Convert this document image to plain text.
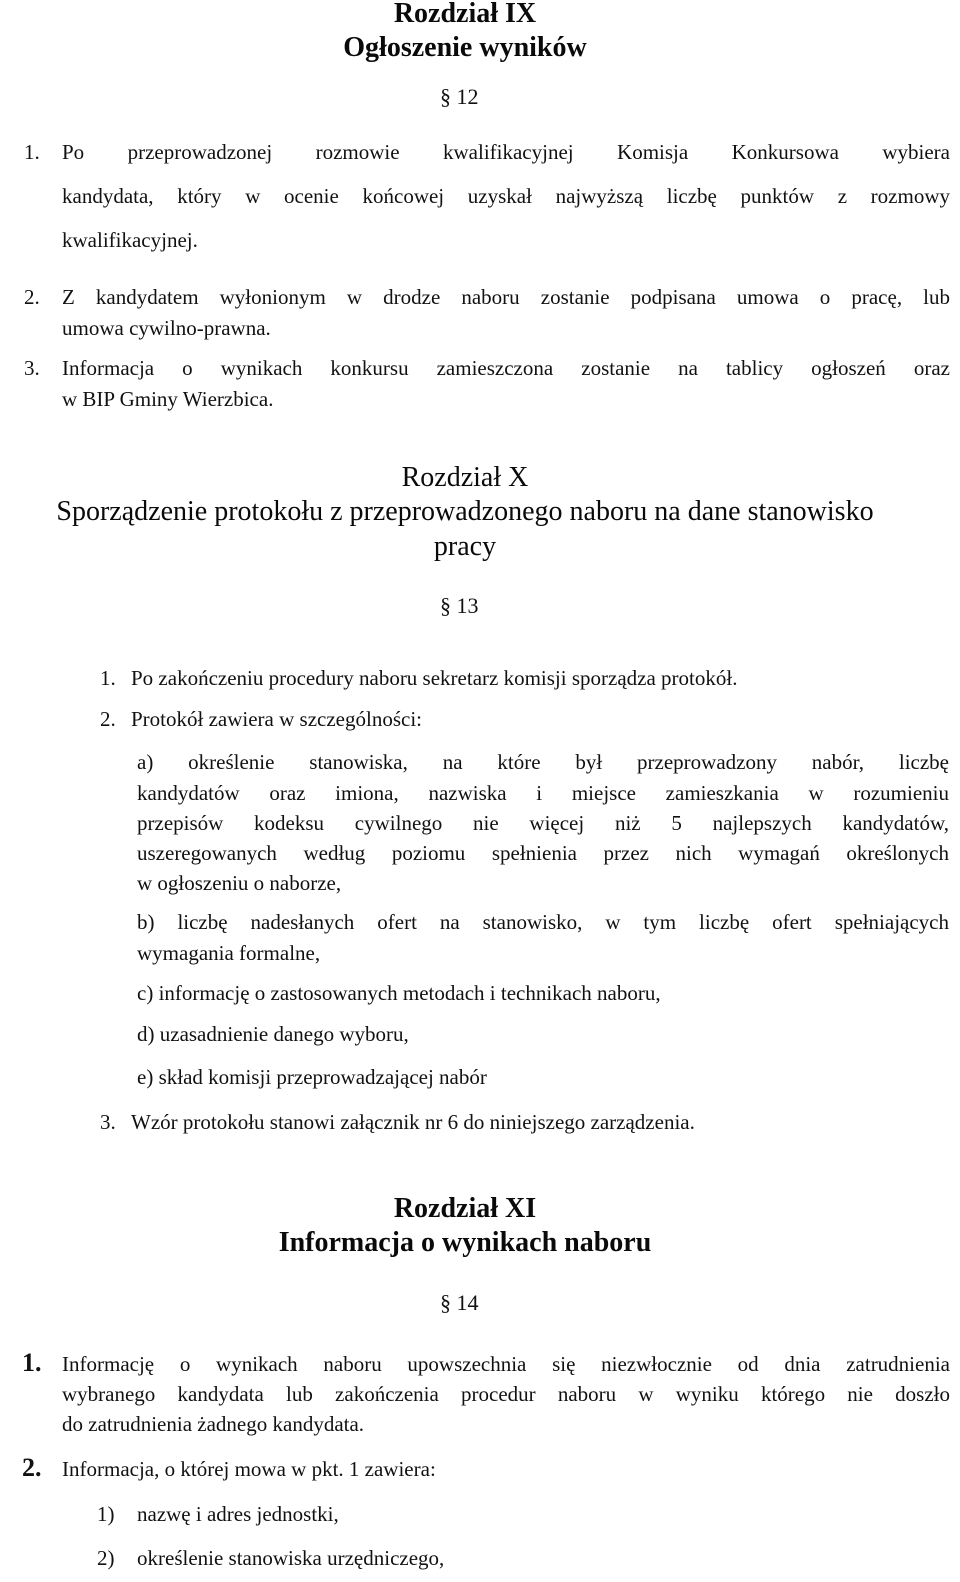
Rozdział IX
Ogłoszenie wyników
§ 12
1. Po przeprowadzonej rozmowie kwalifikacyjnej Komisja Konkursowa wybiera
kandydata, który w ocenie końcowej uzyskał najwyższą liczbę punktów z rozmowy
kwalifikacyjnej.
2. Z kandydatem wyłonionym w drodze naboru zostanie podpisana umowa o pracę, lub
umowa cywilno-prawna.
3. Informacja o wynikach konkursu zamieszczona zostanie na tablicy ogłoszeń oraz
w BIP Gminy Wierzbica.
Rozdział X
Sporządzenie protokołu z przeprowadzonego naboru na dane stanowisko
pracy
§ 13
1. Po zakończeniu procedury naboru sekretarz komisji sporządza protokół.
2. Protokół zawiera w szczególności:
a) określenie stanowiska, na które był przeprowadzony nabór, liczbę
kandydatów oraz imiona, nazwiska i miejsce zamieszkania w rozumieniu
przepisów kodeksu cywilnego nie więcej niż 5 najlepszych kandydatów,
uszeregowanych według poziomu spełnienia przez nich wymagań określonych
w ogłoszeniu o naborze,
b) liczbę nadesłanych ofert na stanowisko, w tym liczbę ofert spełniających
wymagania formalne,
c) informację o zastosowanych metodach i technikach naboru,
d) uzasadnienie danego wyboru,
e) skład komisji przeprowadzającej nabór
3. Wzór protokołu stanowi załącznik nr 6 do niniejszego zarządzenia.
Rozdział XI
Informacja o wynikach naboru
§ 14
1. Informację o wynikach naboru upowszechnia się niezwłocznie od dnia zatrudnienia
wybranego kandydata lub zakończenia procedur naboru w wyniku którego nie doszło
do zatrudnienia żadnego kandydata.
2. Informacja, o której mowa w pkt. 1 zawiera:
1) nazwę i adres jednostki,
2) określenie stanowiska urzędniczego,
